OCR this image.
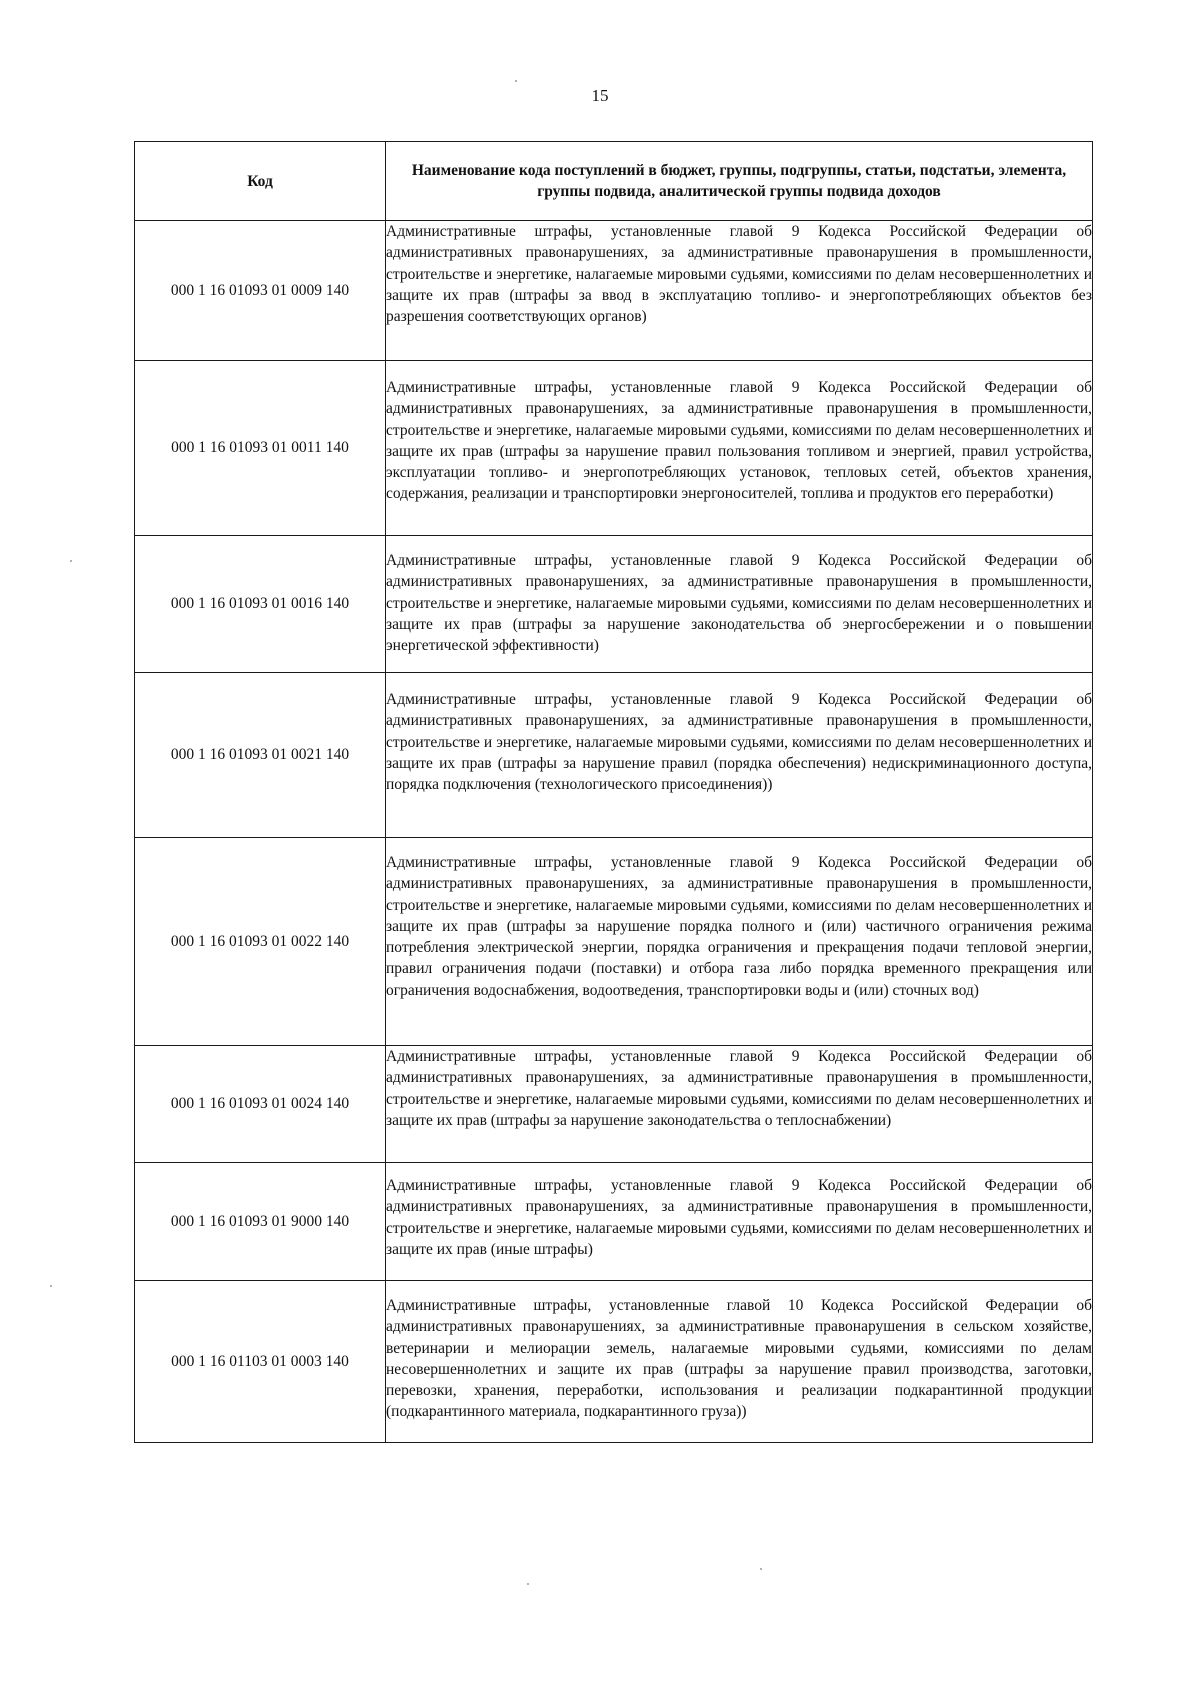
15
Код	Наименование кода поступлений в бюджет, группы, подгруппы, статьи, подстатьи, элемента, группы подвида, аналитической группы подвида доходов
000 1 16 01093 01 0009 140	Административные штрафы, установленные главой 9 Кодекса Российской Федерации об административных правонарушениях, за административные правонарушения в промышленности, строительстве и энергетике, налагаемые мировыми судьями, комиссиями по делам несовершеннолетних и защите их прав (штрафы за ввод в эксплуатацию топливо- и энергопотребляющих объектов без разрешения соответствующих органов)
000 1 16 01093 01 0011 140	Административные штрафы, установленные главой 9 Кодекса Российской Федерации об административных правонарушениях, за административные правонарушения в промышленности, строительстве и энергетике, налагаемые мировыми судьями, комиссиями по делам несовершеннолетних и защите их прав (штрафы за нарушение правил пользования топливом и энергией, правил устройства, эксплуатации топливо- и энергопотребляющих установок, тепловых сетей, объектов хранения, содержания, реализации и транспортировки энергоносителей, топлива и продуктов его переработки)
000 1 16 01093 01 0016 140	Административные штрафы, установленные главой 9 Кодекса Российской Федерации об административных правонарушениях, за административные правонарушения в промышленности, строительстве и энергетике, налагаемые мировыми судьями, комиссиями по делам несовершеннолетних и защите их прав (штрафы за нарушение законодательства об энергосбережении и о повышении энергетической эффективности)
000 1 16 01093 01 0021 140	Административные штрафы, установленные главой 9 Кодекса Российской Федерации об административных правонарушениях, за административные правонарушения в промышленности, строительстве и энергетике, налагаемые мировыми судьями, комиссиями по делам несовершеннолетних и защите их прав (штрафы за нарушение правил (порядка обеспечения) недискриминационного доступа, порядка подключения (технологического присоединения))
000 1 16 01093 01 0022 140	Административные штрафы, установленные главой 9 Кодекса Российской Федерации об административных правонарушениях, за административные правонарушения в промышленности, строительстве и энергетике, налагаемые мировыми судьями, комиссиями по делам несовершеннолетних и защите их прав (штрафы за нарушение порядка полного и (или) частичного ограничения режима потребления электрической энергии, порядка ограничения и прекращения подачи тепловой энергии, правил ограничения подачи (поставки) и отбора газа либо порядка временного прекращения или ограничения водоснабжения, водоотведения, транспортировки воды и (или) сточных вод)
000 1 16 01093 01 0024 140	Административные штрафы, установленные главой 9 Кодекса Российской Федерации об административных правонарушениях, за административные правонарушения в промышленности, строительстве и энергетике, налагаемые мировыми судьями, комиссиями по делам несовершеннолетних и защите их прав (штрафы за нарушение законодательства о теплоснабжении)
000 1 16 01093 01 9000 140	Административные штрафы, установленные главой 9 Кодекса Российской Федерации об административных правонарушениях, за административные правонарушения в промышленности, строительстве и энергетике, налагаемые мировыми судьями, комиссиями по делам несовершеннолетних и защите их прав (иные штрафы)
000 1 16 01103 01 0003 140	Административные штрафы, установленные главой 10 Кодекса Российской Федерации об административных правонарушениях, за административные правонарушения в сельском хозяйстве, ветеринарии и мелиорации земель, налагаемые мировыми судьями, комиссиями по делам несовершеннолетних и защите их прав (штрафы за нарушение правил производства, заготовки, перевозки, хранения, переработки, использования и реализации подкарантинной продукции (подкарантинного материала, подкарантинного груза))
